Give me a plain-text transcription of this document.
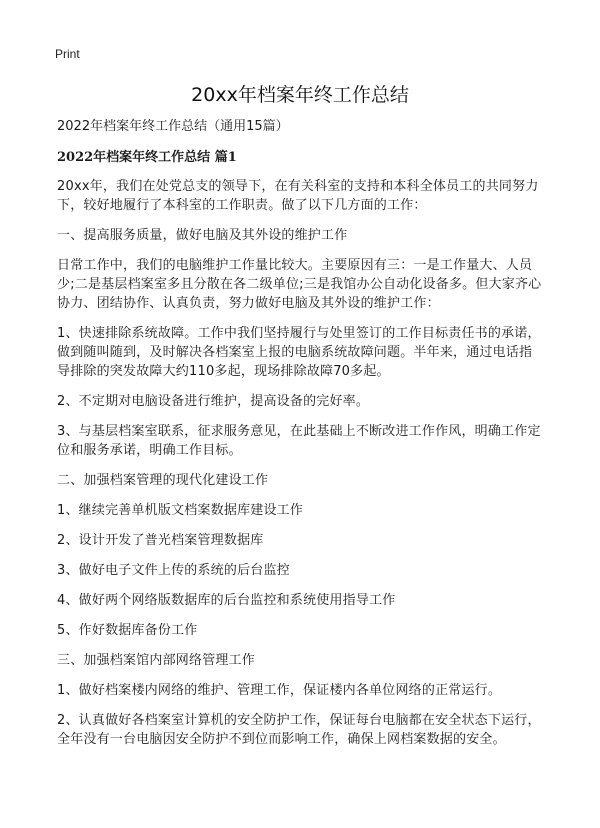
Print
20xx年档案年终工作总结

2022年档案年终工作总结（通用15篇）

2022年档案年终工作总结 篇1

20xx年，我们在处党总支的领导下，在有关科室的支持和本科全体员工的共同努力下，较好地履行了本科室的工作职责。做了以下几方面的工作：

一、提高服务质量，做好电脑及其外设的维护工作

日常工作中，我们的电脑维护工作量比较大。主要原因有三：一是工作量大、人员少;二是基层档案室多且分散在各二级单位;三是我馆办公自动化设备多。但大家齐心协力、团结协作、认真负责，努力做好电脑及其外设的维护工作：

1、快速排除系统故障。工作中我们坚持履行与处里签订的工作目标责任书的承诺，做到随叫随到，及时解决各档案室上报的电脑系统故障问题。半年来，通过电话指导排除的突发故障大约110多起，现场排除故障70多起。

2、不定期对电脑设备进行维护，提高设备的完好率。

3、与基层档案室联系，征求服务意见，在此基础上不断改进工作作风，明确工作定位和服务承诺，明确工作目标。

二、加强档案管理的现代化建设工作

1、继续完善单机版文档案数据库建设工作

2、设计开发了普光档案管理数据库

3、做好电子文件上传的系统的后台监控

4、做好两个网络版数据库的后台监控和系统使用指导工作

5、作好数据库备份工作

三、加强档案馆内部网络管理工作

1、做好档案楼内网络的维护、管理工作，保证楼内各单位网络的正常运行。

2、认真做好各档案室计算机的安全防护工作，保证每台电脑都在安全状态下运行，全年没有一台电脑因安全防护不到位而影响工作，确保上网档案数据的安全。
